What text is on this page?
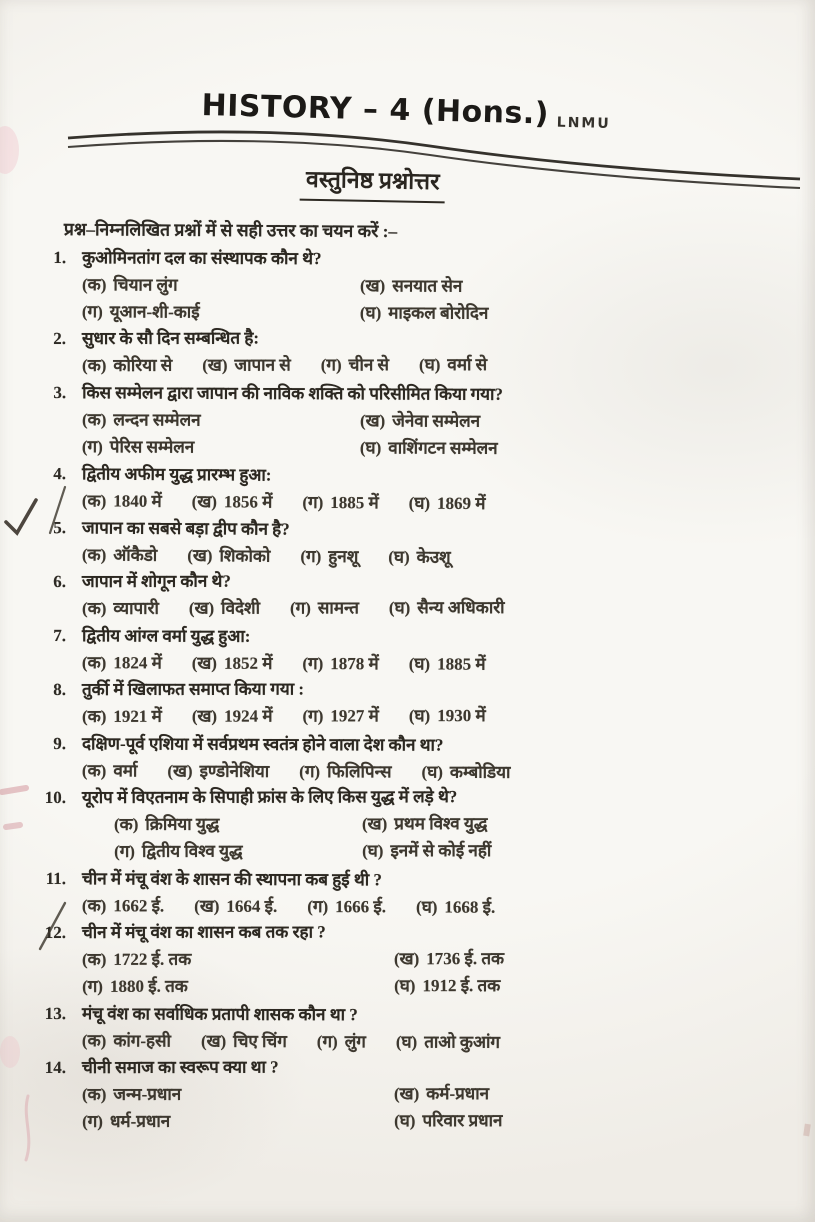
HISTORY – 4 (Hons.) LNMU
वस्तुनिष्ठ प्रश्नोत्तर
प्रश्न–निम्नलिखित प्रश्नों में से सही उत्तर का चयन करें :–
1. कुओमिनतांग दल का संस्थापक कौन थे?
(क) चियान लुंग	(ख) सनयात सेन
(ग) यूआन-शी-काई	(घ) माइकल बोरोदिन
2. सुधार के सौ दिन सम्बन्धित है:
(क) कोरिया से (ख) जापान से (ग) चीन से (घ) वर्मा से
3. किस सम्मेलन द्वारा जापान की नाविक शक्ति को परिसीमित किया गया?
(क) लन्दन सम्मेलन	(ख) जेनेवा सम्मेलन
(ग) पेरिस सम्मेलन	(घ) वाशिंगटन सम्मेलन
4. द्वितीय अफीम युद्ध प्रारम्भ हुआ:
(क) 1840 में (ख) 1856 में (ग) 1885 में (घ) 1869 में
5. जापान का सबसे बड़ा द्वीप कौन है?
(क) ऑकैडो (ख) शिकोको (ग) हुनशू (घ) केउशू
6. जापान में शोगून कौन थे?
(क) व्यापारी (ख) विदेशी (ग) सामन्त (घ) सैन्य अधिकारी
7. द्वितीय आंग्ल वर्मा युद्ध हुआ:
(क) 1824 में (ख) 1852 में (ग) 1878 में (घ) 1885 में
8. तुर्की में खिलाफत समाप्त किया गया :
(क) 1921 में (ख) 1924 में (ग) 1927 में (घ) 1930 में
9. दक्षिण-पूर्व एशिया में सर्वप्रथम स्वतंत्र होने वाला देश कौन था?
(क) वर्मा (ख) इण्डोनेशिया (ग) फिलिपिन्स (घ) कम्बोडिया
10. यूरोप में विएतनाम के सिपाही फ्रांस के लिए किस युद्ध में लड़े थे?
(क) क्रिमिया युद्ध	(ख) प्रथम विश्व युद्ध
(ग) द्वितीय विश्व युद्ध	(घ) इनमें से कोई नहीं
11. चीन में मंचू वंश के शासन की स्थापना कब हुई थी ?
(क) 1662 ई. (ख) 1664 ई. (ग) 1666 ई. (घ) 1668 ई.
12. चीन में मंचू वंश का शासन कब तक रहा ?
(क) 1722 ई. तक	(ख) 1736 ई. तक
(ग) 1880 ई. तक	(घ) 1912 ई. तक
13. मंचू वंश का सर्वाधिक प्रतापी शासक कौन था ?
(क) कांग-हसी (ख) चिए चिंग (ग) लुंग (घ) ताओ कुआंग
14. चीनी समाज का स्वरूप क्या था ?
(क) जन्म-प्रधान	(ख) कर्म-प्रधान
(ग) धर्म-प्रधान	(घ) परिवार प्रधान
